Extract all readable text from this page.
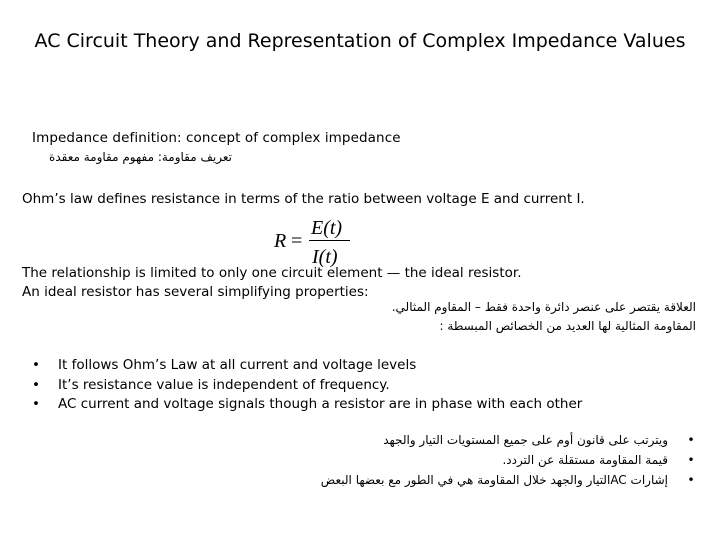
AC Circuit Theory and Representation of Complex Impedance Values
Impedance definition: concept of complex impedance
تعريف مقاومة: مفهوم مقاومة معقدة
Ohm’s law defines resistance in terms of the ratio between voltage E and current I.
R =
E(t)
I(t)
The relationship is limited to only one circuit element — the ideal resistor.
An ideal resistor has several simplifying properties:
العلاقة يقتصر على عنصر دائرة واحدة فقط – المقاوم المثالي.
المقاومة المثالية لها العديد من الخصائص المبسطة :
• It follows Ohm’s Law at all current and voltage levels
• It’s resistance value is independent of frequency.
• AC current and voltage signals though a resistor are in phase with each other
•
ويترتب على قانون أوم على جميع المستويات التيار والجهد
•
قيمة المقاومة مستقلة عن التردد.
•
إشارات ACالتيار والجهد خلال المقاومة هي في الطور مع بعضها البعض
